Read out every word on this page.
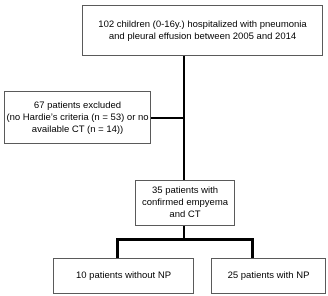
102 children (0-16y.) hospitalized with pneumonia
and pleural effusion between 2005 and 2014
67 patients excluded
(no Hardie’s criteria (n = 53) or no
available CT (n = 14))
35 patients with
confirmed empyema
and CT
10 patients without NP	25 patients with NP
